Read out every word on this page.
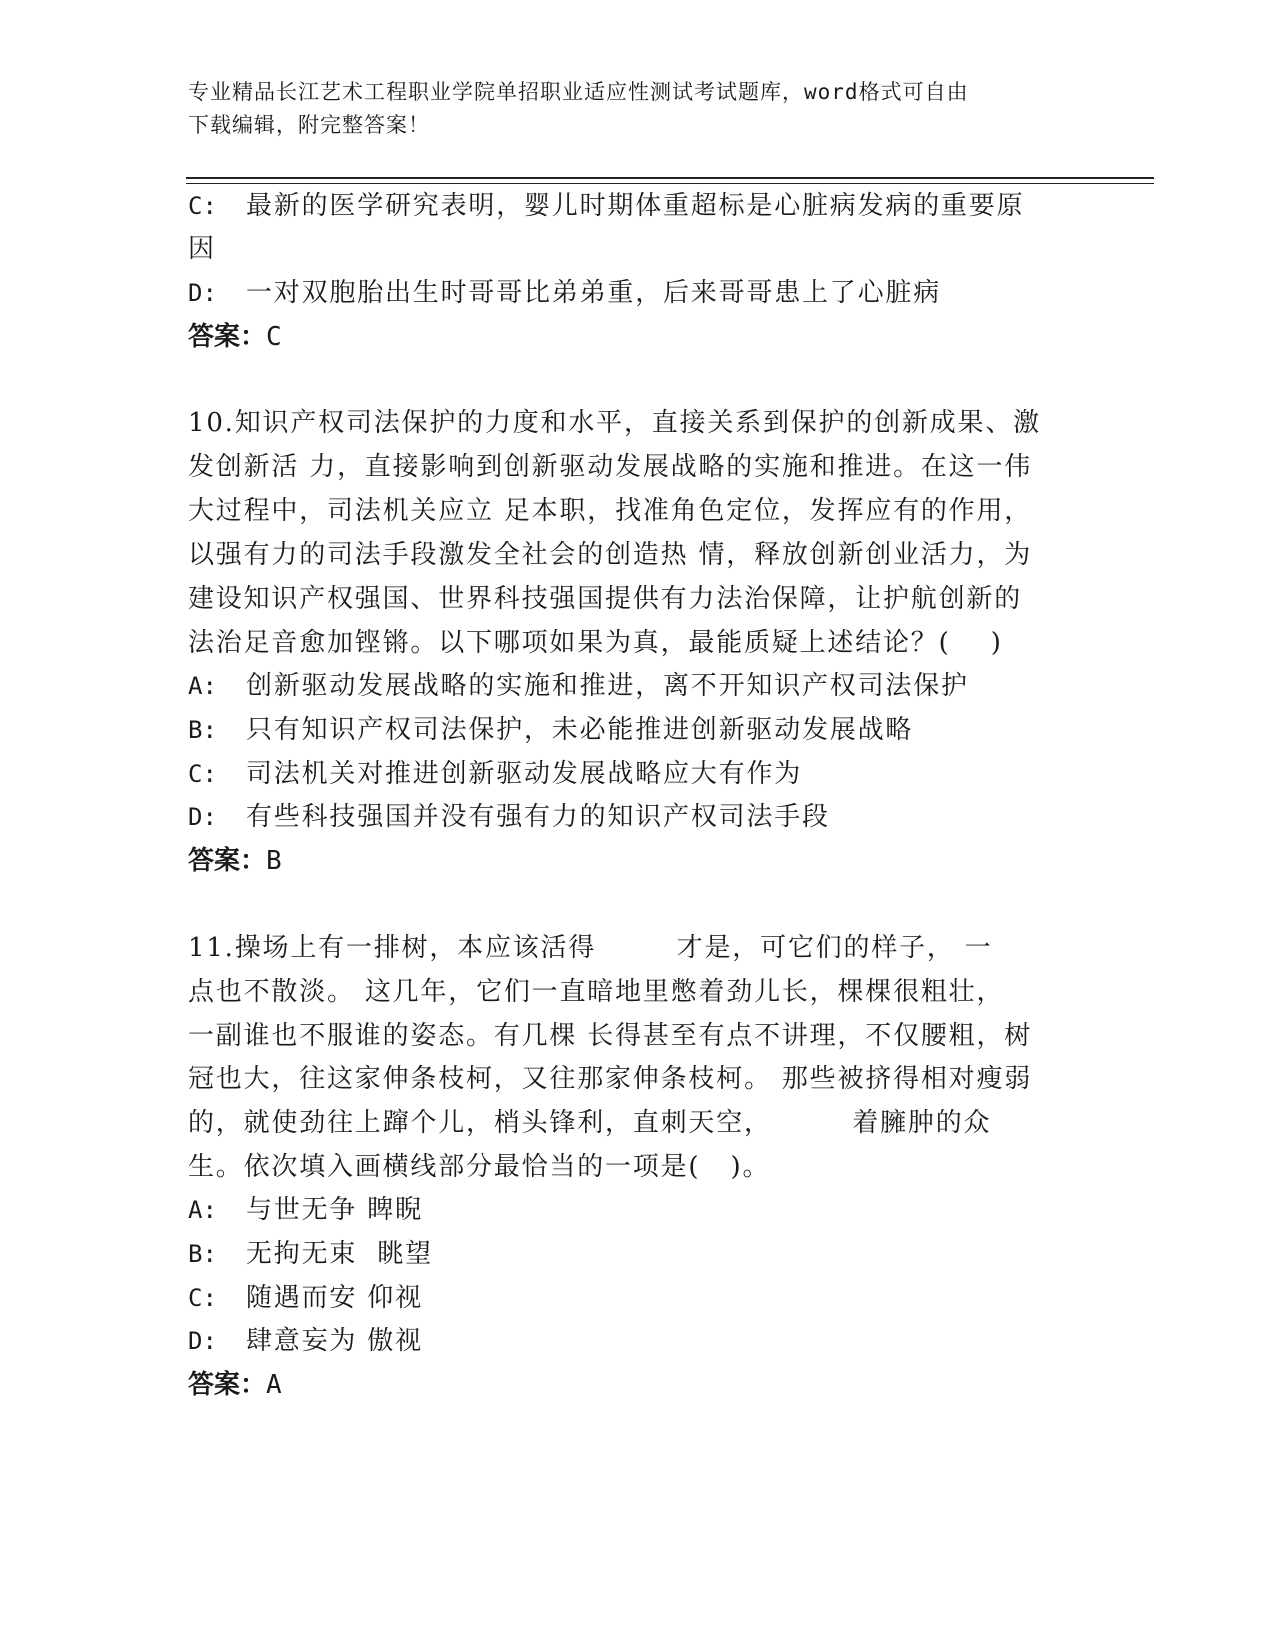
专业精品长江艺术工程职业学院单招职业适应性测试考试题库，word格式可自由
下载编辑，附完整答案！
C: 最新的医学研究表明，婴儿时期体重超标是心脏病发病的重要原
因
D: 一对双胞胎出生时哥哥比弟弟重，后来哥哥患上了心脏病
答案：C
10.知识产权司法保护的力度和水平，直接关系到保护的创新成果、激
发创新活 力，直接影响到创新驱动发展战略的实施和推进。在这一伟
大过程中，司法机关应立 足本职，找准角色定位，发挥应有的作用，
以强有力的司法手段激发全社会的创造热 情，释放创新创业活力，为
建设知识产权强国、世界科技强国提供有力法治保障，让护航创新的
法治足音愈加铿锵。以下哪项如果为真，最能质疑上述结论？(    )
A: 创新驱动发展战略的实施和推进，离不开知识产权司法保护
B: 只有知识产权司法保护，未必能推进创新驱动发展战略
C: 司法机关对推进创新驱动发展战略应大有作为
D: 有些科技强国并没有强有力的知识产权司法手段
答案：B
11.操场上有一排树，本应该活得        才是，可它们的样子， 一
点也不散淡。 这几年，它们一直暗地里憋着劲儿长，棵棵很粗壮，
一副谁也不服谁的姿态。有几棵 长得甚至有点不讲理，不仅腰粗，树
冠也大，往这家伸条枝柯，又往那家伸条枝柯。 那些被挤得相对瘦弱
的，就使劲往上蹿个儿，梢头锋利，直刺天空，        着臃肿的众
生。依次填入画横线部分最恰当的一项是(   )。
A: 与世无争 睥睨
B: 无拘无束  眺望
C: 随遇而安 仰视
D: 肆意妄为 傲视
答案：A
